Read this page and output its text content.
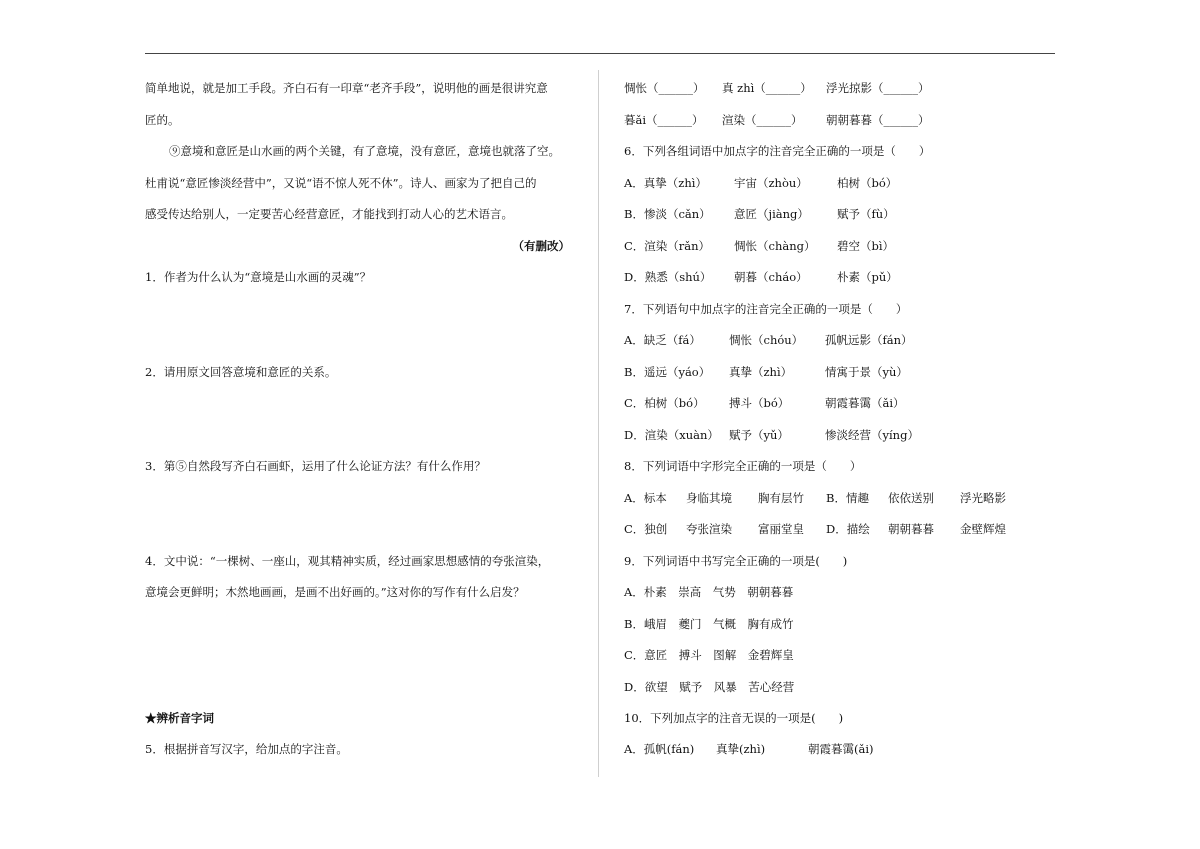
简单地说，就是加工手段。齐白石有一印章“老齐手段”，说明他的画是很讲究意
匠的。
⑨意境和意匠是山水画的两个关键，有了意境，没有意匠，意境也就落了空。
杜甫说“意匠惨淡经营中”，又说“语不惊人死不休”。诗人、画家为了把自己的
感受传达给别人，一定要苦心经营意匠，才能找到打动人心的艺术语言。
（有删改）
1．作者为什么认为“意境是山水画的灵魂”？
2．请用原文回答意境和意匠的关系。
3．第⑤自然段写齐白石画虾，运用了什么论证方法？有什么作用？
4．文中说：“一棵树、一座山，观其精神实质，经过画家思想感情的夸张渲染，
意境会更鲜明；木然地画画，是画不出好画的。”这对你的写作有什么启发？
★辨析音字词
5．根据拼音写汉字，给加点的字注音。
惆怅（______） 真 zhì（______） 浮光掠影（______）
暮ǎi（______） 渲染（______） 朝朝暮暮（______）
6．下列各组词语中加点字的注音完全正确的一项是（　　）
A．真挚（zhì） 宇宙（zhòu）	柏树（bó）
B．惨淡（cǎn） 意匠（jiàng） 赋予（fù）
C．渲染（rǎn） 惆怅（chàng） 碧空（bì）
D．熟悉（shú） 朝暮（cháo）	朴素（pǔ）
7．下列语句中加点字的注音完全正确的一项是（　　）
A．缺乏（fá） 惆怅（chóu） 孤帆远影（fán）
B．遥远（yáo） 真挚（zhì）	情寓于景（yù）
C．柏树（bó） 搏斗（bó）	朝霞暮霭（ǎi）
D．渲染（xuàn） 赋予（yǔ）	惨淡经营（yíng）
8．下列词语中字形完全正确的一项是（　　）
A．标本 身临其境 胸有层竹 B．情趣 依依送别 浮光略影
C．独创 夸张渲染 富丽堂皇 D．描绘 朝朝暮暮 金壁辉煌
9．下列词语中书写完全正确的一项是(　　)
A．朴素　崇高　气势　朝朝暮暮
B．峨眉　夔门　气概　胸有成竹
C．意匠　搏斗　图解　金碧辉皇
D．欲望　赋予　风暴　苦心经营
10．下列加点字的注音无误的一项是(　　)
A．孤帆(fán) 真挚(zhì)	朝霞暮霭(ǎi)
